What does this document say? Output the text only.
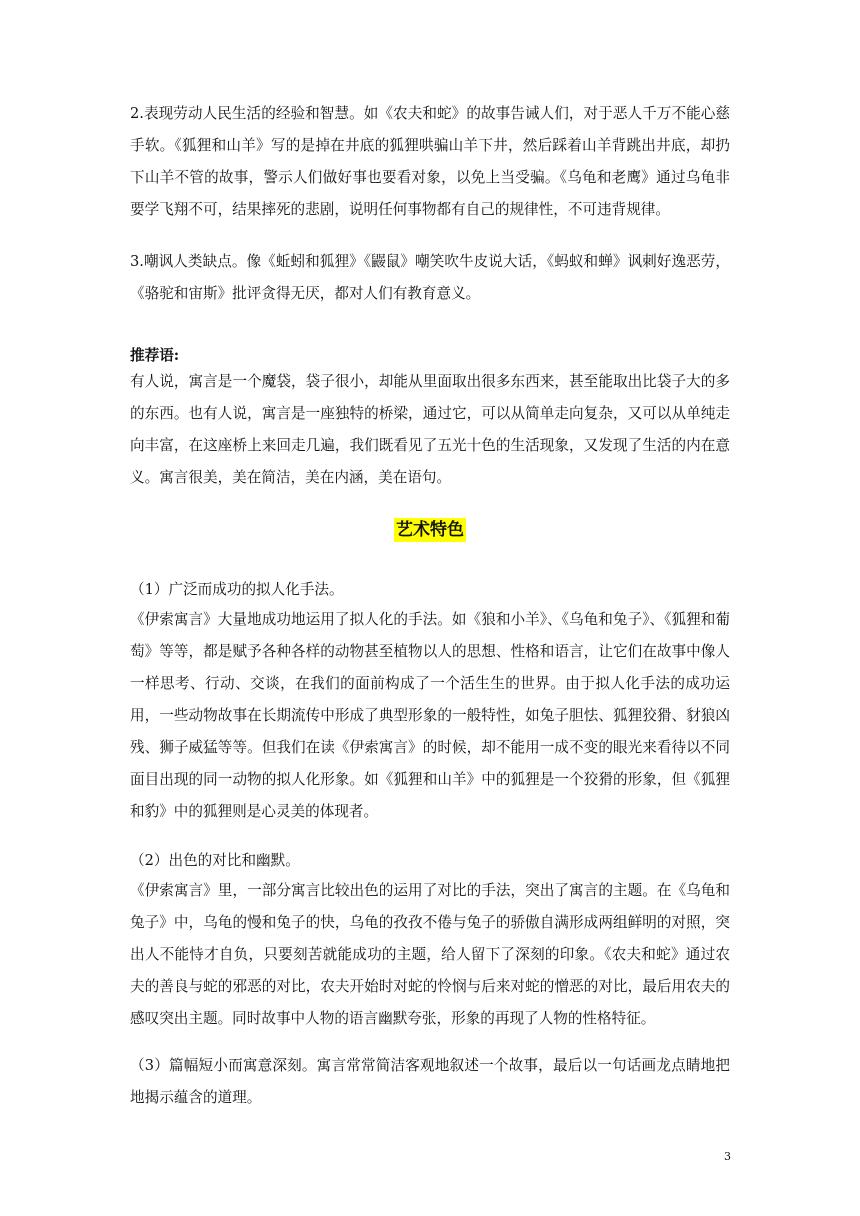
2.表现劳动人民生活的经验和智慧。如《农夫和蛇》的故事告诫人们，对于恶人千万不能心慈手软。《狐狸和山羊》写的是掉在井底的狐狸哄骗山羊下井，然后踩着山羊背跳出井底，却扔下山羊不管的故事，警示人们做好事也要看对象，以免上当受骗。《乌龟和老鹰》通过乌龟非要学飞翔不可，结果摔死的悲剧，说明任何事物都有自己的规律性，不可违背规律。

3.嘲讽人类缺点。像《蚯蚓和狐狸》《鼹鼠》嘲笑吹牛皮说大话，《蚂蚁和蝉》讽刺好逸恶劳，《骆驼和宙斯》批评贪得无厌，都对人们有教育意义。

推荐语:

有人说，寓言是一个魔袋，袋子很小，却能从里面取出很多东西来，甚至能取出比袋子大的多的东西。也有人说，寓言是一座独特的桥梁，通过它，可以从简单走向复杂，又可以从单纯走向丰富，在这座桥上来回走几遍，我们既看见了五光十色的生活现象，又发现了生活的内在意义。寓言很美，美在简洁，美在内涵，美在语句。

艺术特色

（1）广泛而成功的拟人化手法。

《伊索寓言》大量地成功地运用了拟人化的手法。如《狼和小羊》、《乌龟和兔子》、《狐狸和葡萄》等等，都是赋予各种各样的动物甚至植物以人的思想、性格和语言，让它们在故事中像人一样思考、行动、交谈，在我们的面前构成了一个活生生的世界。由于拟人化手法的成功运用，一些动物故事在长期流传中形成了典型形象的一般特性，如兔子胆怯、狐狸狡猾、豺狼凶残、狮子威猛等等。但我们在读《伊索寓言》的时候，却不能用一成不变的眼光来看待以不同面目出现的同一动物的拟人化形象。如《狐狸和山羊》中的狐狸是一个狡猾的形象，但《狐狸和豹》中的狐狸则是心灵美的体现者。

（2）出色的对比和幽默。

《伊索寓言》里，一部分寓言比较出色的运用了对比的手法，突出了寓言的主题。在《乌龟和兔子》中，乌龟的慢和兔子的快，乌龟的孜孜不倦与兔子的骄傲自满形成两组鲜明的对照，突出人不能恃才自负，只要刻苦就能成功的主题，给人留下了深刻的印象。《农夫和蛇》通过农夫的善良与蛇的邪恶的对比，农夫开始时对蛇的怜悯与后来对蛇的憎恶的对比，最后用农夫的感叹突出主题。同时故事中人物的语言幽默夸张，形象的再现了人物的性格特征。

（3）篇幅短小而寓意深刻。寓言常常简洁客观地叙述一个故事，最后以一句话画龙点睛地把地揭示蕴含的道理。

3
